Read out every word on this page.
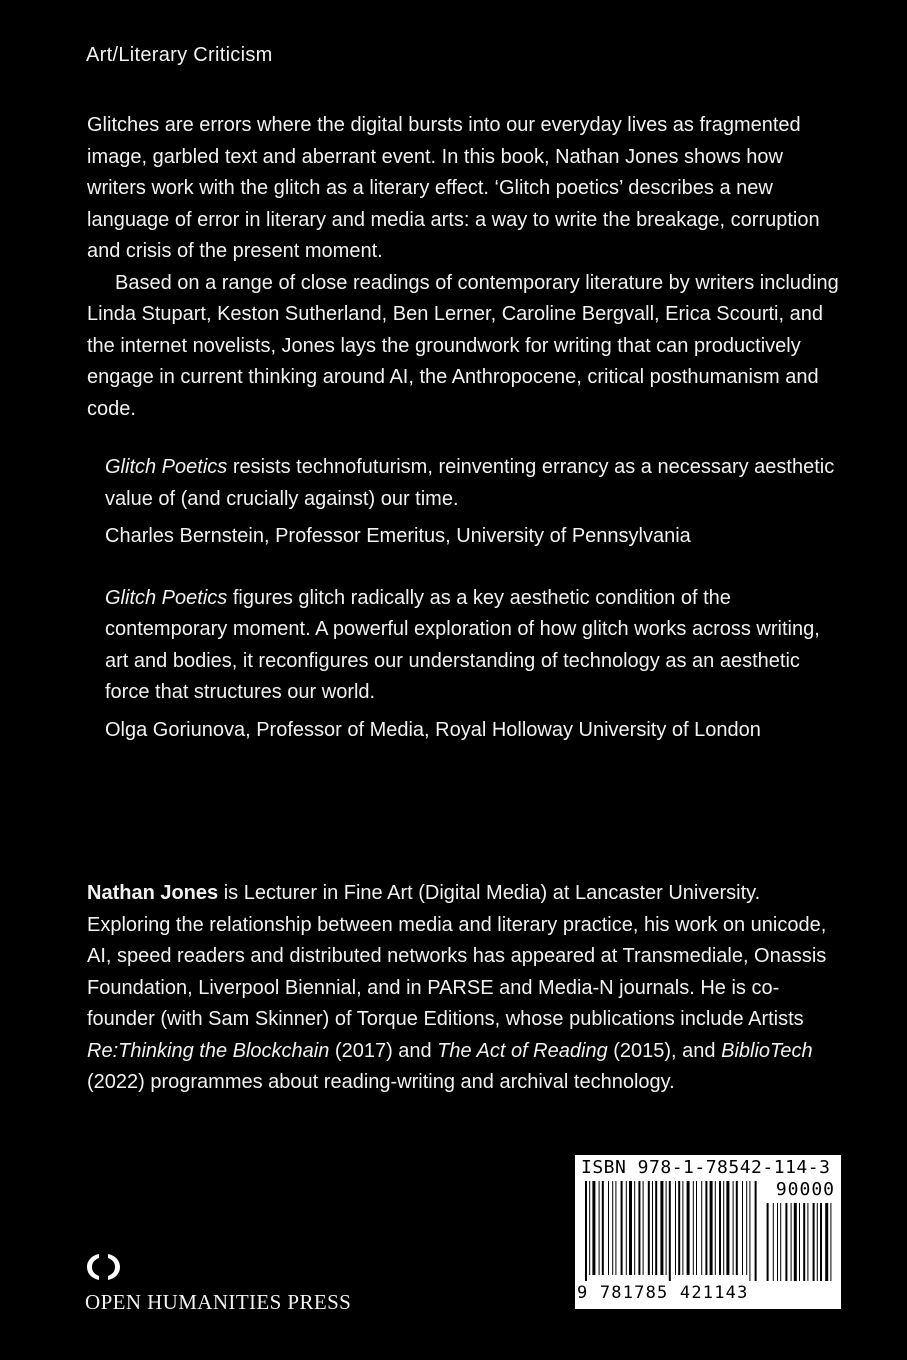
Art/Literary Criticism

Glitches are errors where the digital bursts into our everyday lives as fragmented image, garbled text and aberrant event. In this book, Nathan Jones shows how writers work with the glitch as a literary effect. ‘Glitch poetics’ describes a new language of error in literary and media arts: a way to write the breakage, corruption and crisis of the present moment.

Based on a range of close readings of contemporary literature by writers including Linda Stupart, Keston Sutherland, Ben Lerner, Caroline Bergvall, Erica Scourti, and the internet novelists, Jones lays the groundwork for writing that can productively engage in current thinking around AI, the Anthropocene, critical posthumanism and code.

Glitch Poetics resists technofuturism, reinventing errancy as a necessary aesthetic value of (and crucially against) our time.

Charles Bernstein, Professor Emeritus, University of Pennsylvania

Glitch Poetics figures glitch radically as a key aesthetic condition of the contemporary moment. A powerful exploration of how glitch works across writing, art and bodies, it reconfigures our understanding of technology as an aesthetic force that structures our world.

Olga Goriunova, Professor of Media, Royal Holloway University of London

Nathan Jones is Lecturer in Fine Art (Digital Media) at Lancaster University. Exploring the relationship between media and literary practice, his work on unicode, AI, speed readers and distributed networks has appeared at Transmediale, Onassis Foundation, Liverpool Biennial, and in PARSE and Media-N journals. He is co-founder (with Sam Skinner) of Torque Editions, whose publications include Artists Re:Thinking the Blockchain (2017) and The Act of Reading (2015), and BiblioTech (2022) programmes about reading-writing and archival technology.

OPEN HUMANITIES PRESS
ISBN 978-1-78542-114-3
90000
9 781785 421143
